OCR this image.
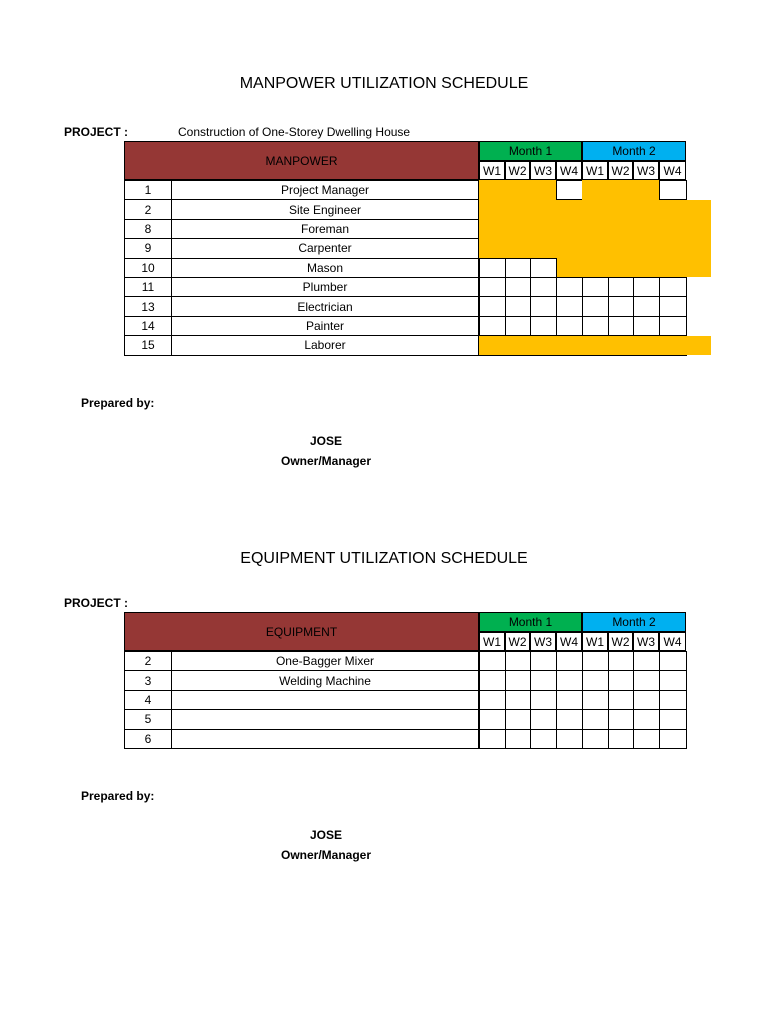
MANPOWER UTILIZATION SCHEDULE
PROJECT :	Construction of One-Storey Dwelling House
MANPOWER
Month 1	Month 2
W1 W2 W3 W4 W1 W2 W3 W4
1	Project Manager
2	Site Engineer
8	Foreman
9	Carpenter
10	Mason
11	Plumber
13	Electrician
14	Painter
15	Laborer
Prepared by:
JOSE
Owner/Manager
EQUIPMENT UTILIZATION SCHEDULE
PROJECT :
EQUIPMENT
Month 1	Month 2
W1 W2 W3 W4 W1 W2 W3 W4
2	One-Bagger Mixer
3	Welding Machine
4
5
6
Prepared by:
JOSE
Owner/Manager
